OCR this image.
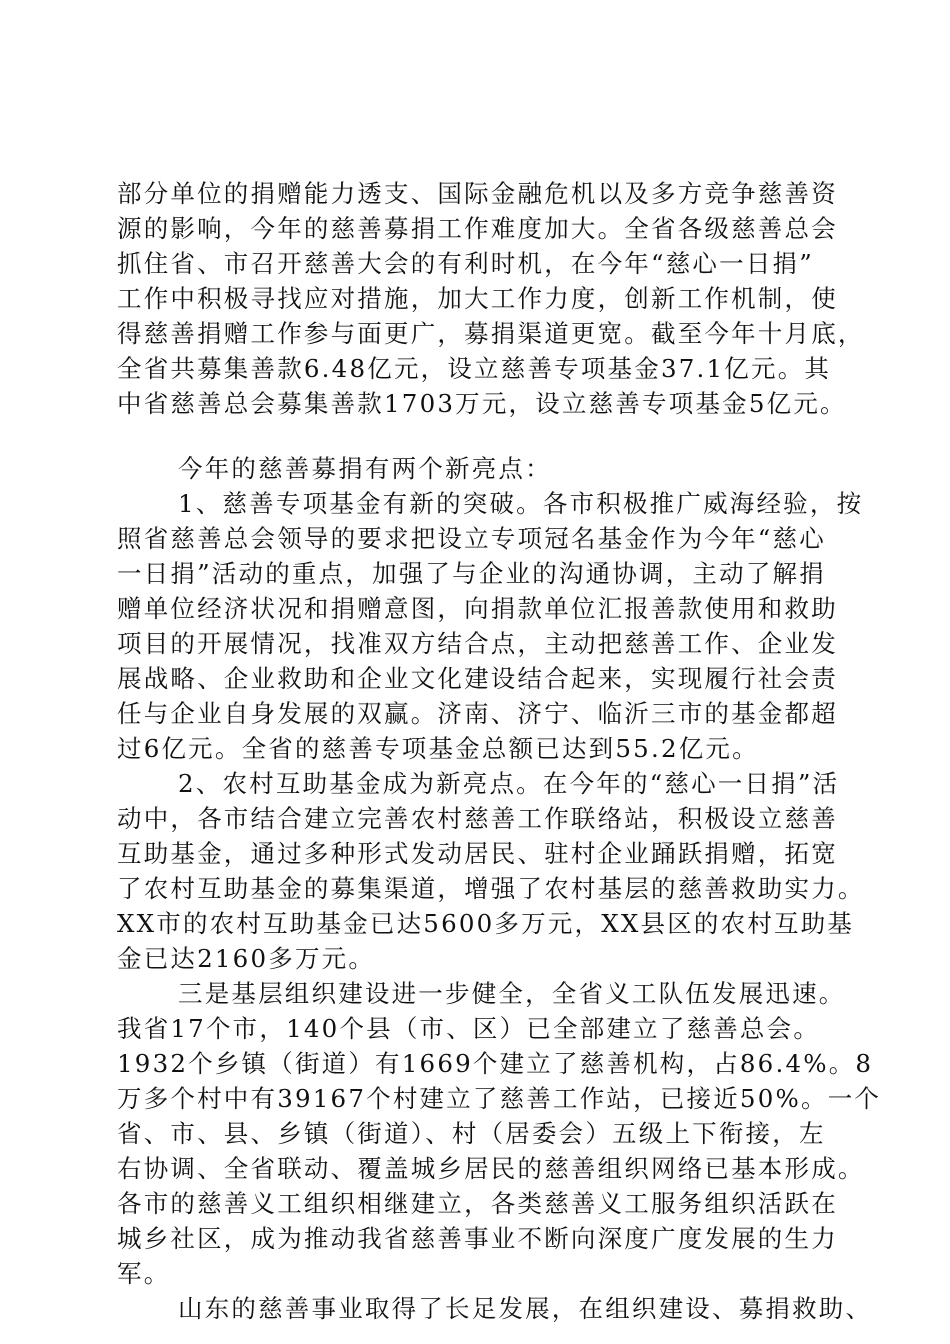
部分单位的捐赠能力透支、国际金融危机以及多方竞争慈善资
源的影响，今年的慈善募捐工作难度加大。全省各级慈善总会
抓住省、市召开慈善大会的有利时机，在今年“慈心一日捐”
工作中积极寻找应对措施，加大工作力度，创新工作机制，使
得慈善捐赠工作参与面更广，募捐渠道更宽。截至今年十月底，
全省共募集善款6.48亿元，设立慈善专项基金37.1亿元。其
中省慈善总会募集善款1703万元，设立慈善专项基金5亿元。
今年的慈善募捐有两个新亮点：
1、慈善专项基金有新的突破。各市积极推广威海经验，按
照省慈善总会领导的要求把设立专项冠名基金作为今年“慈心
一日捐”活动的重点，加强了与企业的沟通协调，主动了解捐
赠单位经济状况和捐赠意图，向捐款单位汇报善款使用和救助
项目的开展情况，找准双方结合点，主动把慈善工作、企业发
展战略、企业救助和企业文化建设结合起来，实现履行社会责
任与企业自身发展的双赢。济南、济宁、临沂三市的基金都超
过6亿元。全省的慈善专项基金总额已达到55.2亿元。
2、农村互助基金成为新亮点。在今年的“慈心一日捐”活
动中，各市结合建立完善农村慈善工作联络站，积极设立慈善
互助基金，通过多种形式发动居民、驻村企业踊跃捐赠，拓宽
了农村互助基金的募集渠道，增强了农村基层的慈善救助实力。
XX市的农村互助基金已达5600多万元，XX县区的农村互助基
金已达2160多万元。
三是基层组织建设进一步健全，全省义工队伍发展迅速。
我省17个市，140个县（市、区）已全部建立了慈善总会。
1932个乡镇（街道）有1669个建立了慈善机构，占86.4%。8
万多个村中有39167个村建立了慈善工作站，已接近50%。一个
省、市、县、乡镇（街道）、村（居委会）五级上下衔接，左
右协调、全省联动、覆盖城乡居民的慈善组织网络已基本形成。
各市的慈善义工组织相继建立，各类慈善义工服务组织活跃在
城乡社区，成为推动我省慈善事业不断向深度广度发展的生力
军。
山东的慈善事业取得了长足发展，在组织建设、募捐救助、
